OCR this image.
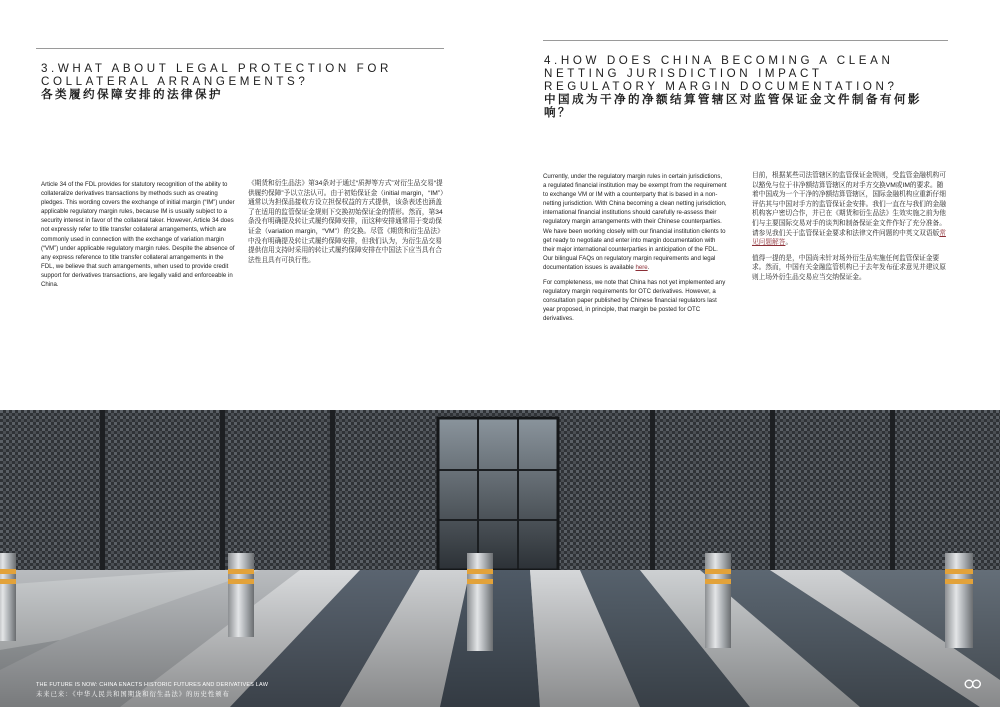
3.WHAT ABOUT LEGAL PROTECTION FOR
COLLATERAL ARRANGEMENTS?
各类履约保障安排的法律保护
4.HOW DOES CHINA BECOMING A CLEAN
NETTING JURISDICTION IMPACT
REGULATORY MARGIN DOCUMENTATION?
中国成为干净的净额结算管辖区对监管保证金文件制备有何影响？

Article 34 of the FDL provides for statutory recognition of the ability to collateralize derivatives transactions by methods such as creating pledges. This wording covers the exchange of initial margin (“IM”) under applicable regulatory margin rules, because IM is usually subject to a security interest in favor of the collateral taker. However, Article 34 does not expressly refer to title transfer collateral arrangements, which are commonly used in connection with the exchange of variation margin (“VM”) under applicable regulatory margin rules. Despite the absence of any express reference to title transfer collateral arrangements in the FDL, we believe that such arrangements, when used to provide credit support for derivatives transactions, are legally valid and enforceable in China.

《期货和衍生品法》第34条对于通过“质押等方式”对衍生品交易“提供履约保障”予以立法认可。由于初始保证金（initial margin，“IM”）通常以为担保品接收方设立担保权益的方式提供，该条表述也涵盖了在适用的监管保证金规则下交换初始保证金的情形。然而，第34条没有明确提及转让式履约保障安排，而这种安排通常用于变动保证金（variation margin，“VM”）的交换。尽管《期货和衍生品法》中没有明确提及转让式履约保障安排，但我们认为，为衍生品交易提供信用支持时采用的转让式履约保障安排在中国法下应当具有合法性且具有可执行性。

Currently, under the regulatory margin rules in certain jurisdictions, a regulated financial institution may be exempt from the requirement to exchange VM or IM with a counterparty that is based in a non-netting jurisdiction. With China becoming a clean netting jurisdiction, international financial institutions should carefully re-assess their regulatory margin arrangements with their Chinese counterparties. We have been working closely with our financial institution clients to get ready to negotiate and enter into margin documentation with their major international counterparties in anticipation of the FDL. Our bilingual FAQs on regulatory margin requirements and legal documentation issues is available here.

For completeness, we note that China has not yet implemented any regulatory margin requirements for OTC derivatives. However, a consultation paper published by Chinese financial regulators last year proposed, in principle, that margin be posted for OTC derivatives.

目前，根据某些司法管辖区的监管保证金规则，受监管金融机构可以豁免与位于非净额结算管辖区的对手方交换VM或IM的要求。随着中国成为一个干净的净额结算管辖区，国际金融机构应重新仔细评估其与中国对手方的监管保证金安排。我们一直在与我们的金融机构客户密切合作，并已在《期货和衍生品法》生效实施之前为他们与主要国际交易对手的谈判和制备保证金文件作好了充分准备。请参见我们关于监管保证金要求和法律文件问题的中英文双语版常见问题解答。

值得一提的是，中国尚未针对场外衍生品实施任何监管保证金要求。然而，中国有关金融监管机构已于去年发布征求意见并建议原则上场外衍生品交易应当交纳保证金。

THE FUTURE IS NOW: CHINA ENACTS HISTORIC FUTURES AND DERIVATIVES LAW
未来已来：《中华人民共和国期货和衍生品法》的历史性颁布
